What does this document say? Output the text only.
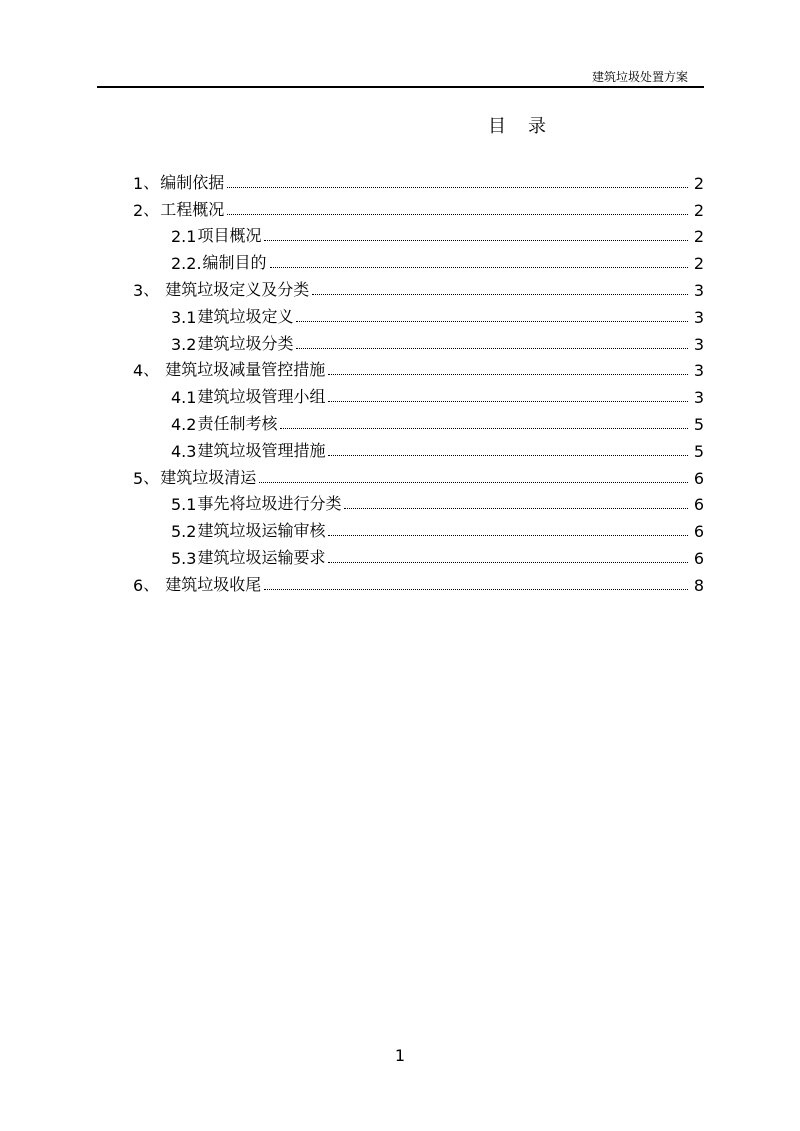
建筑垃圾处置方案
目 录
1 、 编制依据	2
2 、 工程概况	2
2.1 项目概况	2
2.2. 编制目的	2
3 、 建筑垃圾定义及分类	3
3.1 建筑垃圾定义	3
3.2 建筑垃圾分类	3
4 、 建筑垃圾减量管控措施	3
4.1 建筑垃圾管理小组	3
4.2 责任制考核	5
4.3 建筑垃圾管理措施	5
5 、 建筑垃圾清运	6
5.1 事先将垃圾进行分类	6
5.2 建筑垃圾运输审核	6
5.3 建筑垃圾运输要求	6
6 、 建筑垃圾收尾	8
1
